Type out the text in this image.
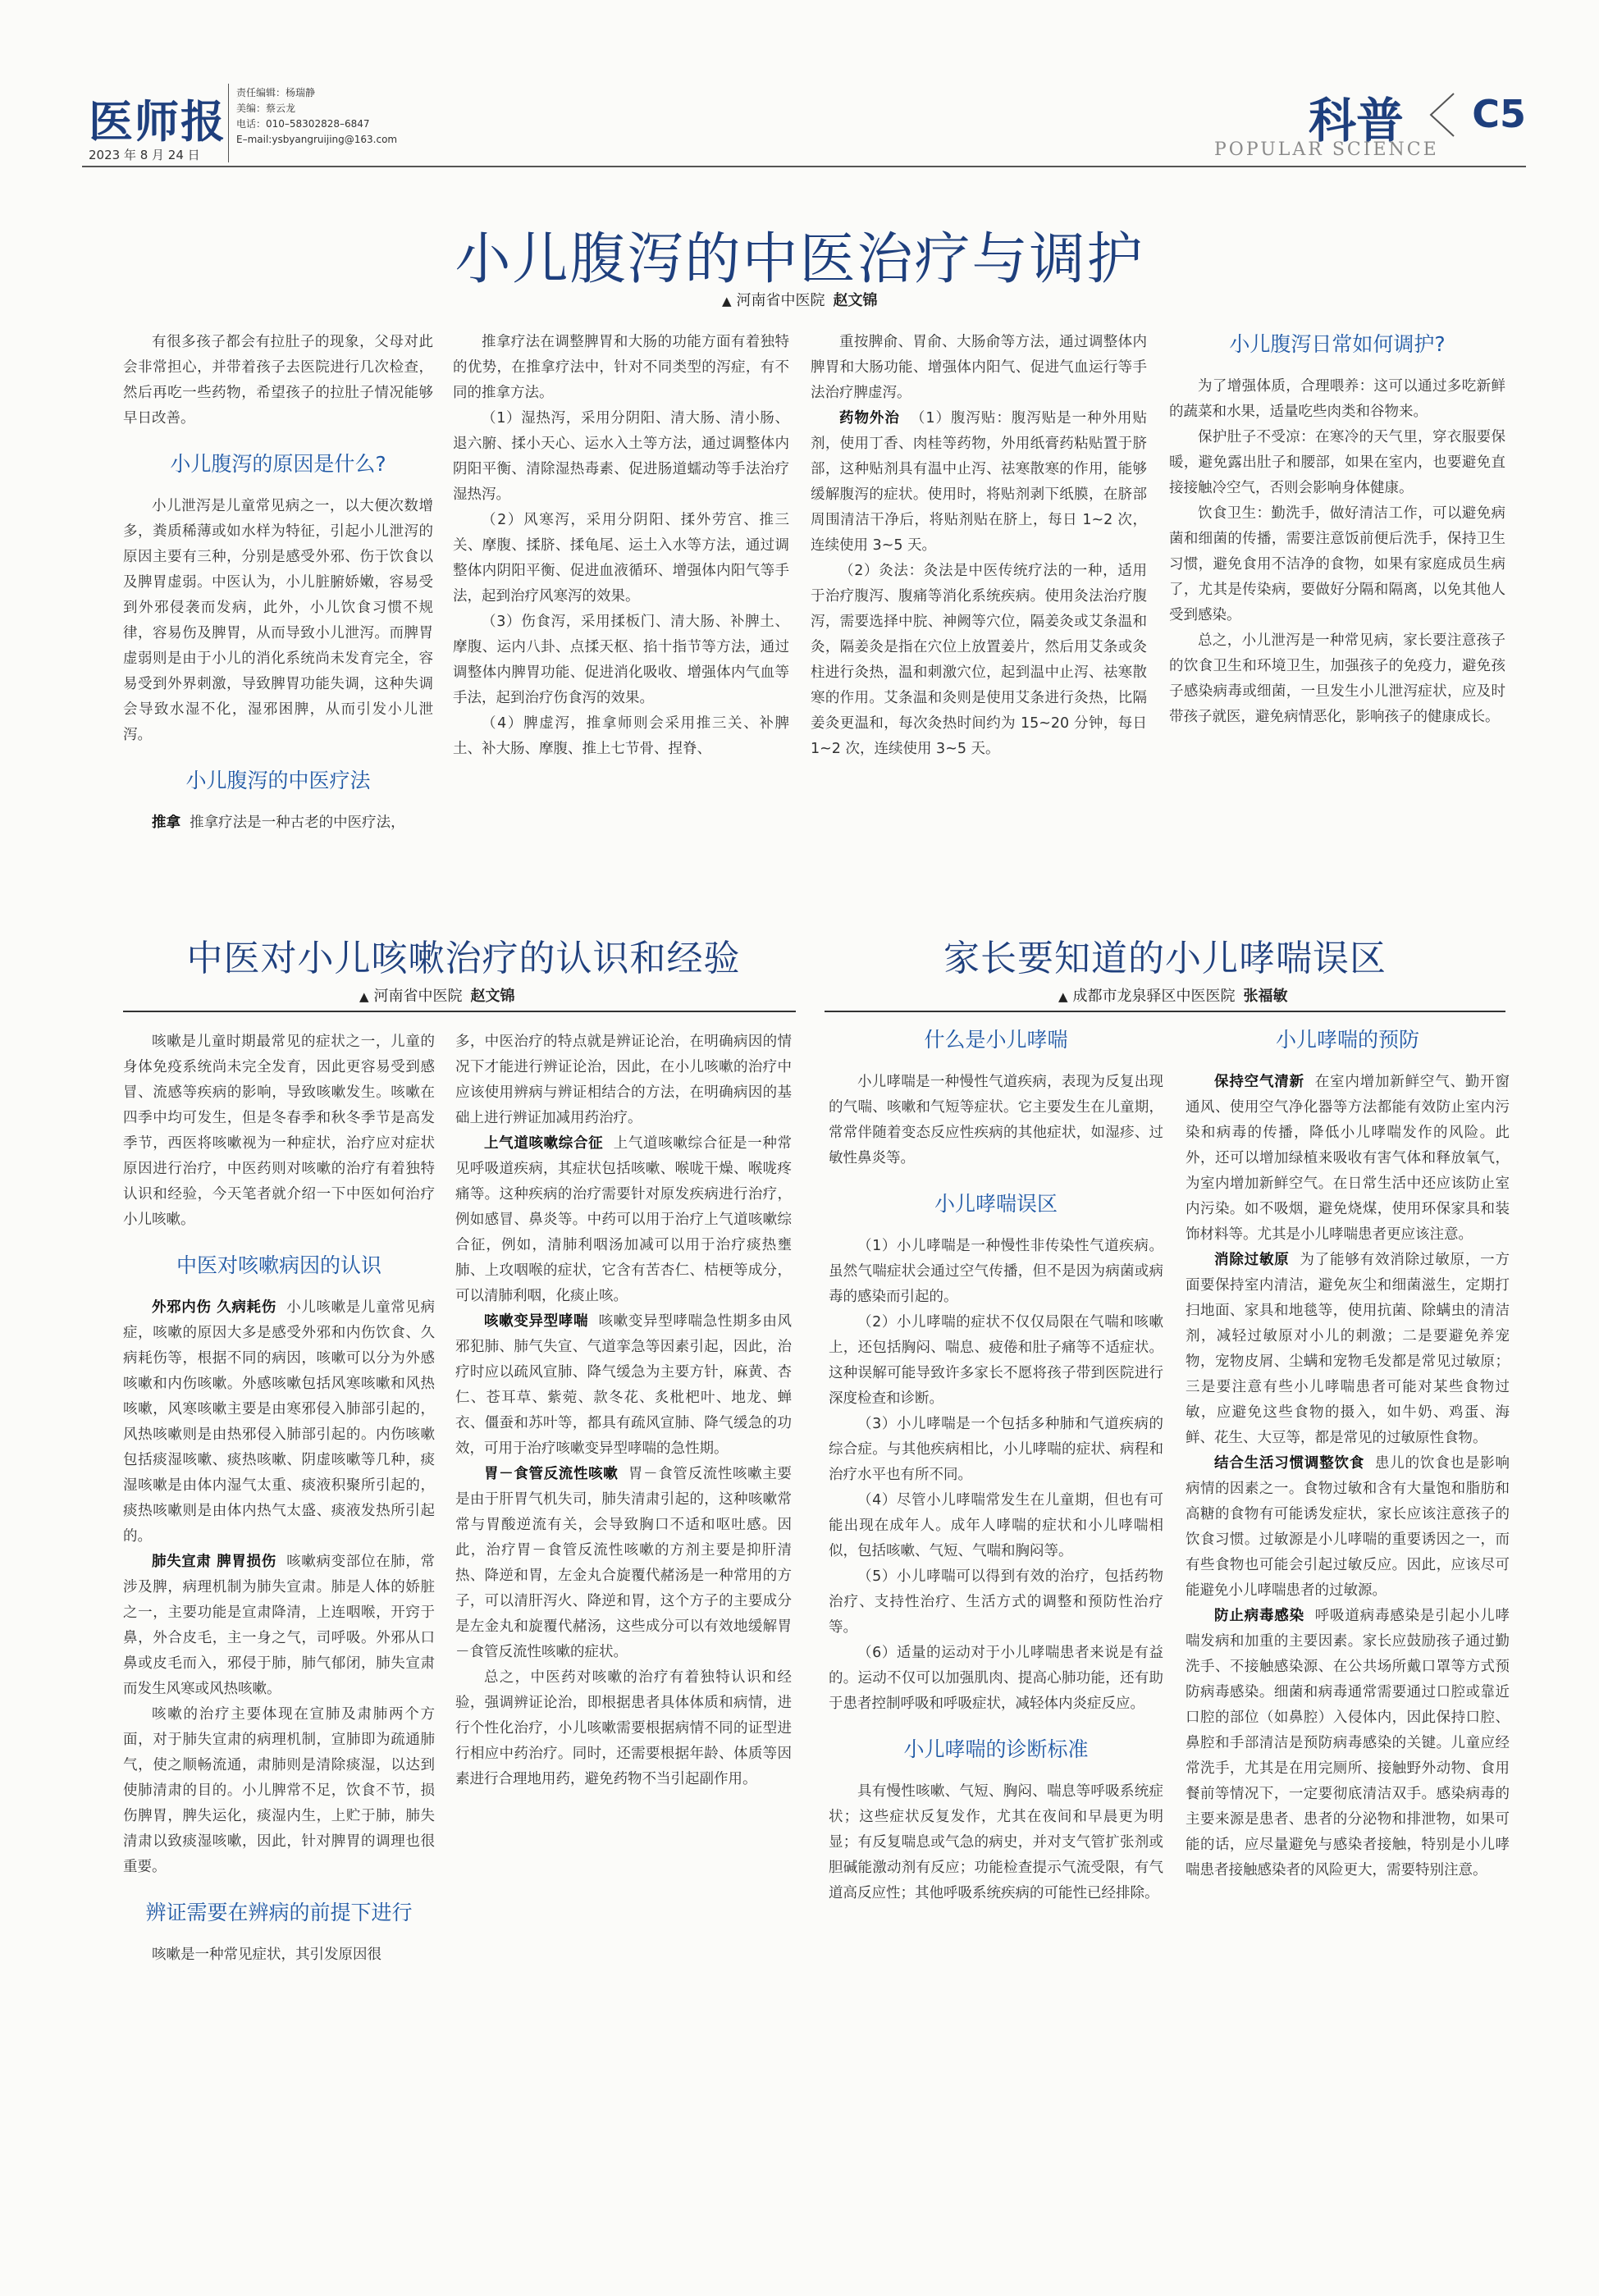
医师报
2023 年 8 月 24 日
责任编辑：杨瑞静
美编：蔡云龙
电话：010–58302828–6847
E–mail:ysbyangruijing@163.com	科普 C5
POPULAR SCIENCE
小儿腹泻的中医治疗与调护
▲ 河南省中医院 赵文锦

有很多孩子都会有拉肚子的现象，父母对此会非常担心，并带着孩子去医院进行几次检查，然后再吃一些药物，希望孩子的拉肚子情况能够早日改善。

小儿腹泻的原因是什么?

小儿泄泻是儿童常见病之一，以大便次数增多，粪质稀薄或如水样为特征，引起小儿泄泻的原因主要有三种，分别是感受外邪、伤于饮食以及脾胃虚弱。中医认为，小儿脏腑娇嫩，容易受到外邪侵袭而发病，此外，小儿饮食习惯不规律，容易伤及脾胃，从而导致小儿泄泻。而脾胃虚弱则是由于小儿的消化系统尚未发育完全，容易受到外界刺激，导致脾胃功能失调，这种失调会导致水湿不化，湿邪困脾，从而引发小儿泄泻。

小儿腹泻的中医疗法

推拿 推拿疗法是一种古老的中医疗法，

推拿疗法在调整脾胃和大肠的功能方面有着独特的优势，在推拿疗法中，针对不同类型的泻症，有不同的推拿方法。

（1）湿热泻，采用分阴阳、清大肠、清小肠、退六腑、揉小天心、运水入土等方法，通过调整体内阴阳平衡、清除湿热毒素、促进肠道蠕动等手法治疗湿热泻。

（2）风寒泻，采用分阴阳、揉外劳宫、推三关、摩腹、揉脐、揉龟尾、运土入水等方法，通过调整体内阴阳平衡、促进血液循环、增强体内阳气等手法，起到治疗风寒泻的效果。

（3）伤食泻，采用揉板门、清大肠、补脾土、摩腹、运内八卦、点揉天枢、掐十指节等方法，通过调整体内脾胃功能、促进消化吸收、增强体内气血等手法，起到治疗伤食泻的效果。

（4）脾虚泻，推拿师则会采用推三关、补脾土、补大肠、摩腹、推上七节骨、捏脊、

重按脾俞、胃俞、大肠俞等方法，通过调整体内脾胃和大肠功能、增强体内阳气、促进气血运行等手法治疗脾虚泻。

药物外治 （1）腹泻贴：腹泻贴是一种外用贴剂，使用丁香、肉桂等药物，外用纸膏药粘贴置于脐部，这种贴剂具有温中止泻、祛寒散寒的作用，能够缓解腹泻的症状。使用时，将贴剂剥下纸膜，在脐部周围清洁干净后，将贴剂贴在脐上，每日 1~2 次，连续使用 3~5 天。

（2）灸法：灸法是中医传统疗法的一种，适用于治疗腹泻、腹痛等消化系统疾病。使用灸法治疗腹泻，需要选择中脘、神阙等穴位，隔姜灸或艾条温和灸，隔姜灸是指在穴位上放置姜片，然后用艾条或灸柱进行灸热，温和刺激穴位，起到温中止泻、祛寒散寒的作用。艾条温和灸则是使用艾条进行灸热，比隔姜灸更温和，每次灸热时间约为 15~20 分钟，每日 1~2 次，连续使用 3~5 天。

小儿腹泻日常如何调护?

为了增强体质，合理喂养：这可以通过多吃新鲜的蔬菜和水果，适量吃些肉类和谷物来。

保护肚子不受凉：在寒冷的天气里，穿衣服要保暖，避免露出肚子和腰部，如果在室内，也要避免直接接触冷空气，否则会影响身体健康。

饮食卫生：勤洗手，做好清洁工作，可以避免病菌和细菌的传播，需要注意饭前便后洗手，保持卫生习惯，避免食用不洁净的食物，如果有家庭成员生病了，尤其是传染病，要做好分隔和隔离，以免其他人受到感染。

总之，小儿泄泻是一种常见病，家长要注意孩子的饮食卫生和环境卫生，加强孩子的免疫力，避免孩子感染病毒或细菌，一旦发生小儿泄泻症状，应及时带孩子就医，避免病情恶化，影响孩子的健康成长。

中医对小儿咳嗽治疗的认识和经验
▲ 河南省中医院 赵文锦

咳嗽是儿童时期最常见的症状之一，儿童的身体免疫系统尚未完全发育，因此更容易受到感冒、流感等疾病的影响，导致咳嗽发生。咳嗽在四季中均可发生，但是冬春季和秋冬季节是高发季节，西医将咳嗽视为一种症状，治疗应对症状原因进行治疗，中医药则对咳嗽的治疗有着独特认识和经验，今天笔者就介绍一下中医如何治疗小儿咳嗽。

中医对咳嗽病因的认识

外邪内伤 久病耗伤 小儿咳嗽是儿童常见病症，咳嗽的原因大多是感受外邪和内伤饮食、久病耗伤等，根据不同的病因，咳嗽可以分为外感咳嗽和内伤咳嗽。外感咳嗽包括风寒咳嗽和风热咳嗽，风寒咳嗽主要是由寒邪侵入肺部引起的，风热咳嗽则是由热邪侵入肺部引起的。内伤咳嗽包括痰湿咳嗽、痰热咳嗽、阴虚咳嗽等几种，痰湿咳嗽是由体内湿气太重、痰液积聚所引起的，痰热咳嗽则是由体内热气太盛、痰液发热所引起的。

肺失宣肃 脾胃损伤 咳嗽病变部位在肺，常涉及脾，病理机制为肺失宣肃。肺是人体的娇脏之一，主要功能是宣肃降清，上连咽喉，开窍于鼻，外合皮毛，主一身之气，司呼吸。外邪从口鼻或皮毛而入，邪侵于肺，肺气郁闭，肺失宣肃而发生风寒或风热咳嗽。

咳嗽的治疗主要体现在宣肺及肃肺两个方面，对于肺失宣肃的病理机制，宣肺即为疏通肺气，使之顺畅流通，肃肺则是清除痰湿，以达到使肺清肃的目的。小儿脾常不足，饮食不节，损伤脾胃，脾失运化，痰湿内生，上贮于肺，肺失清肃以致痰湿咳嗽，因此，针对脾胃的调理也很重要。

辨证需要在辨病的前提下进行

咳嗽是一种常见症状，其引发原因很

多，中医治疗的特点就是辨证论治，在明确病因的情况下才能进行辨证论治，因此，在小儿咳嗽的治疗中应该使用辨病与辨证相结合的方法，在明确病因的基础上进行辨证加减用药治疗。

上气道咳嗽综合征 上气道咳嗽综合征是一种常见呼吸道疾病，其症状包括咳嗽、喉咙干燥、喉咙疼痛等。这种疾病的治疗需要针对原发疾病进行治疗，例如感冒、鼻炎等。中药可以用于治疗上气道咳嗽综合征，例如，清肺利咽汤加减可以用于治疗痰热壅肺、上攻咽喉的症状，它含有苦杏仁、桔梗等成分，可以清肺利咽，化痰止咳。

咳嗽变异型哮喘 咳嗽变异型哮喘急性期多由风邪犯肺、肺气失宣、气道挛急等因素引起，因此，治疗时应以疏风宣肺、降气缓急为主要方针，麻黄、杏仁、苍耳草、紫菀、款冬花、炙枇杷叶、地龙、蝉衣、僵蚕和苏叶等，都具有疏风宣肺、降气缓急的功效，可用于治疗咳嗽变异型哮喘的急性期。

胃－食管反流性咳嗽 胃－食管反流性咳嗽主要是由于肝胃气机失司，肺失清肃引起的，这种咳嗽常常与胃酸逆流有关，会导致胸口不适和呕吐感。因此，治疗胃－食管反流性咳嗽的方剂主要是抑肝清热、降逆和胃，左金丸合旋覆代赭汤是一种常用的方子，可以清肝泻火、降逆和胃，这个方子的主要成分是左金丸和旋覆代赭汤，这些成分可以有效地缓解胃－食管反流性咳嗽的症状。

总之，中医药对咳嗽的治疗有着独特认识和经验，强调辨证论治，即根据患者具体体质和病情，进行个性化治疗，小儿咳嗽需要根据病情不同的证型进行相应中药治疗。同时，还需要根据年龄、体质等因素进行合理地用药，避免药物不当引起副作用。

家长要知道的小儿哮喘误区
▲ 成都市龙泉驿区中医医院 张福敏
什么是小儿哮喘

小儿哮喘是一种慢性气道疾病，表现为反复出现的气喘、咳嗽和气短等症状。它主要发生在儿童期，常常伴随着变态反应性疾病的其他症状，如湿疹、过敏性鼻炎等。

小儿哮喘误区

（1）小儿哮喘是一种慢性非传染性气道疾病。虽然气喘症状会通过空气传播，但不是因为病菌或病毒的感染而引起的。

（2）小儿哮喘的症状不仅仅局限在气喘和咳嗽上，还包括胸闷、喘息、疲倦和肚子痛等不适症状。这种误解可能导致许多家长不愿将孩子带到医院进行深度检查和诊断。

（3）小儿哮喘是一个包括多种肺和气道疾病的综合症。与其他疾病相比，小儿哮喘的症状、病程和治疗水平也有所不同。

（4）尽管小儿哮喘常发生在儿童期，但也有可能出现在成年人。成年人哮喘的症状和小儿哮喘相似，包括咳嗽、气短、气喘和胸闷等。

（5）小儿哮喘可以得到有效的治疗，包括药物治疗、支持性治疗、生活方式的调整和预防性治疗等。

（6）适量的运动对于小儿哮喘患者来说是有益的。运动不仅可以加强肌肉、提高心肺功能，还有助于患者控制呼吸和呼吸症状，减轻体内炎症反应。

小儿哮喘的诊断标准

具有慢性咳嗽、气短、胸闷、喘息等呼吸系统症状；这些症状反复发作，尤其在夜间和早晨更为明显；有反复喘息或气急的病史，并对支气管扩张剂或胆碱能激动剂有反应；功能检查提示气流受限，有气道高反应性；其他呼吸系统疾病的可能性已经排除。

小儿哮喘的预防

保持空气清新 在室内增加新鲜空气、勤开窗通风、使用空气净化器等方法都能有效防止室内污染和病毒的传播，降低小儿哮喘发作的风险。此外，还可以增加绿植来吸收有害气体和释放氧气，为室内增加新鲜空气。在日常生活中还应该防止室内污染。如不吸烟，避免烧煤，使用环保家具和装饰材料等。尤其是小儿哮喘患者更应该注意。

消除过敏原 为了能够有效消除过敏原，一方面要保持室内清洁，避免灰尘和细菌滋生，定期打扫地面、家具和地毯等，使用抗菌、除螨虫的清洁剂，减轻过敏原对小儿的刺激；二是要避免养宠物，宠物皮屑、尘螨和宠物毛发都是常见过敏原；三是要注意有些小儿哮喘患者可能对某些食物过敏，应避免这些食物的摄入，如牛奶、鸡蛋、海鲜、花生、大豆等，都是常见的过敏原性食物。

结合生活习惯调整饮食 患儿的饮食也是影响病情的因素之一。食物过敏和含有大量饱和脂肪和高糖的食物有可能诱发症状，家长应该注意孩子的饮食习惯。过敏源是小儿哮喘的重要诱因之一，而有些食物也可能会引起过敏反应。因此，应该尽可能避免小儿哮喘患者的过敏源。

防止病毒感染 呼吸道病毒感染是引起小儿哮喘发病和加重的主要因素。家长应鼓励孩子通过勤洗手、不接触感染源、在公共场所戴口罩等方式预防病毒感染。细菌和病毒通常需要通过口腔或靠近口腔的部位（如鼻腔）入侵体内，因此保持口腔、鼻腔和手部清洁是预防病毒感染的关键。儿童应经常洗手，尤其是在用完厕所、接触野外动物、食用餐前等情况下，一定要彻底清洁双手。感染病毒的主要来源是患者、患者的分泌物和排泄物，如果可能的话，应尽量避免与感染者接触，特别是小儿哮喘患者接触感染者的风险更大，需要特别注意。
